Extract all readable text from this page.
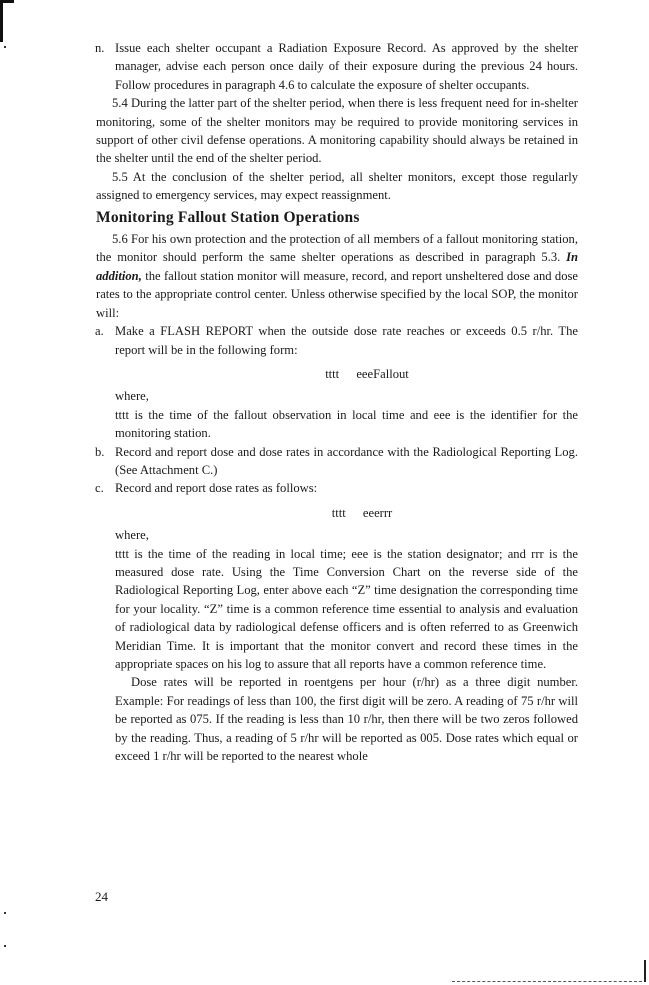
n. Issue each shelter occupant a Radiation Exposure Record. As approved by the shelter manager, advise each person once daily of their exposure during the previous 24 hours. Follow procedures in paragraph 4.6 to calculate the exposure of shelter occupants.

5.4 During the latter part of the shelter period, when there is less frequent need for in-shelter monitoring, some of the shelter monitors may be required to provide monitoring services in support of other civil defense operations. A monitoring capability should always be retained in the shelter until the end of the shelter period.

5.5 At the conclusion of the shelter period, all shelter monitors, except those regularly assigned to emergency services, may expect reassignment.

Monitoring Fallout Station Operations

5.6 For his own protection and the protection of all members of a fallout monitoring station, the monitor should perform the same shelter operations as described in paragraph 5.3. In addition, the fallout station monitor will measure, record, and report unsheltered dose and dose rates to the appropriate control center. Unless otherwise specified by the local SOP, the monitor will:

a. Make a FLASH REPORT when the outside dose rate reaches or exceeds 0.5 r/hr. The report will be in the following form:

tttt eeeFallout

where,

tttt is the time of the fallout observation in local time and eee is the identifier for the monitoring station.

b. Record and report dose and dose rates in accordance with the Radiological Reporting Log. (See Attachment C.)

c. Record and report dose rates as follows:

tttt eeerrr

where,

tttt is the time of the reading in local time; eee is the station designator; and rrr is the measured dose rate. Using the Time Conversion Chart on the reverse side of the Radiological Reporting Log, enter above each “Z” time designation the corresponding time for your locality. “Z” time is a common reference time essential to analysis and evaluation of radiological data by radiological defense officers and is often referred to as Greenwich Meridian Time. It is important that the monitor convert and record these times in the appropriate spaces on his log to assure that all reports have a common reference time.

Dose rates will be reported in roentgens per hour (r/hr) as a three digit number. Example: For readings of less than 100, the first digit will be zero. A reading of 75 r/hr will be reported as 075. If the reading is less than 10 r/hr, then there will be two zeros followed by the reading. Thus, a reading of 5 r/hr will be reported as 005. Dose rates which equal or exceed 1 r/hr will be reported to the nearest whole

24
